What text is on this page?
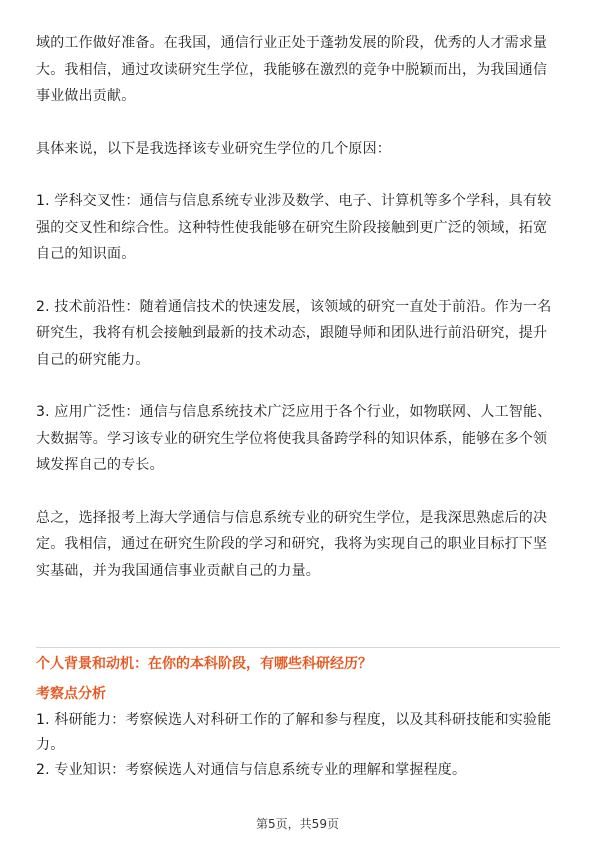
域的工作做好准备。在我国，通信行业正处于蓬勃发展的阶段，优秀的人才需求量大。我相信，通过攻读研究生学位，我能够在激烈的竞争中脱颖而出，为我国通信事业做出贡献。

具体来说，以下是我选择该专业研究生学位的几个原因：

1. 学科交叉性：通信与信息系统专业涉及数学、电子、计算机等多个学科，具有较强的交叉性和综合性。这种特性使我能够在研究生阶段接触到更广泛的领域，拓宽自己的知识面。

2. 技术前沿性：随着通信技术的快速发展，该领域的研究一直处于前沿。作为一名研究生，我将有机会接触到最新的技术动态，跟随导师和团队进行前沿研究，提升自己的研究能力。

3. 应用广泛性：通信与信息系统技术广泛应用于各个行业，如物联网、人工智能、大数据等。学习该专业的研究生学位将使我具备跨学科的知识体系，能够在多个领域发挥自己的专长。

总之，选择报考上海大学通信与信息系统专业的研究生学位，是我深思熟虑后的决定。我相信，通过在研究生阶段的学习和研究，我将为实现自己的职业目标打下坚实基础，并为我国通信事业贡献自己的力量。

个人背景和动机：在你的本科阶段，有哪些科研经历？

考察点分析

1. 科研能力：考察候选人对科研工作的了解和参与程度，以及其科研技能和实验能力。

2. 专业知识：考察候选人对通信与信息系统专业的理解和掌握程度。

第5页，共59页
